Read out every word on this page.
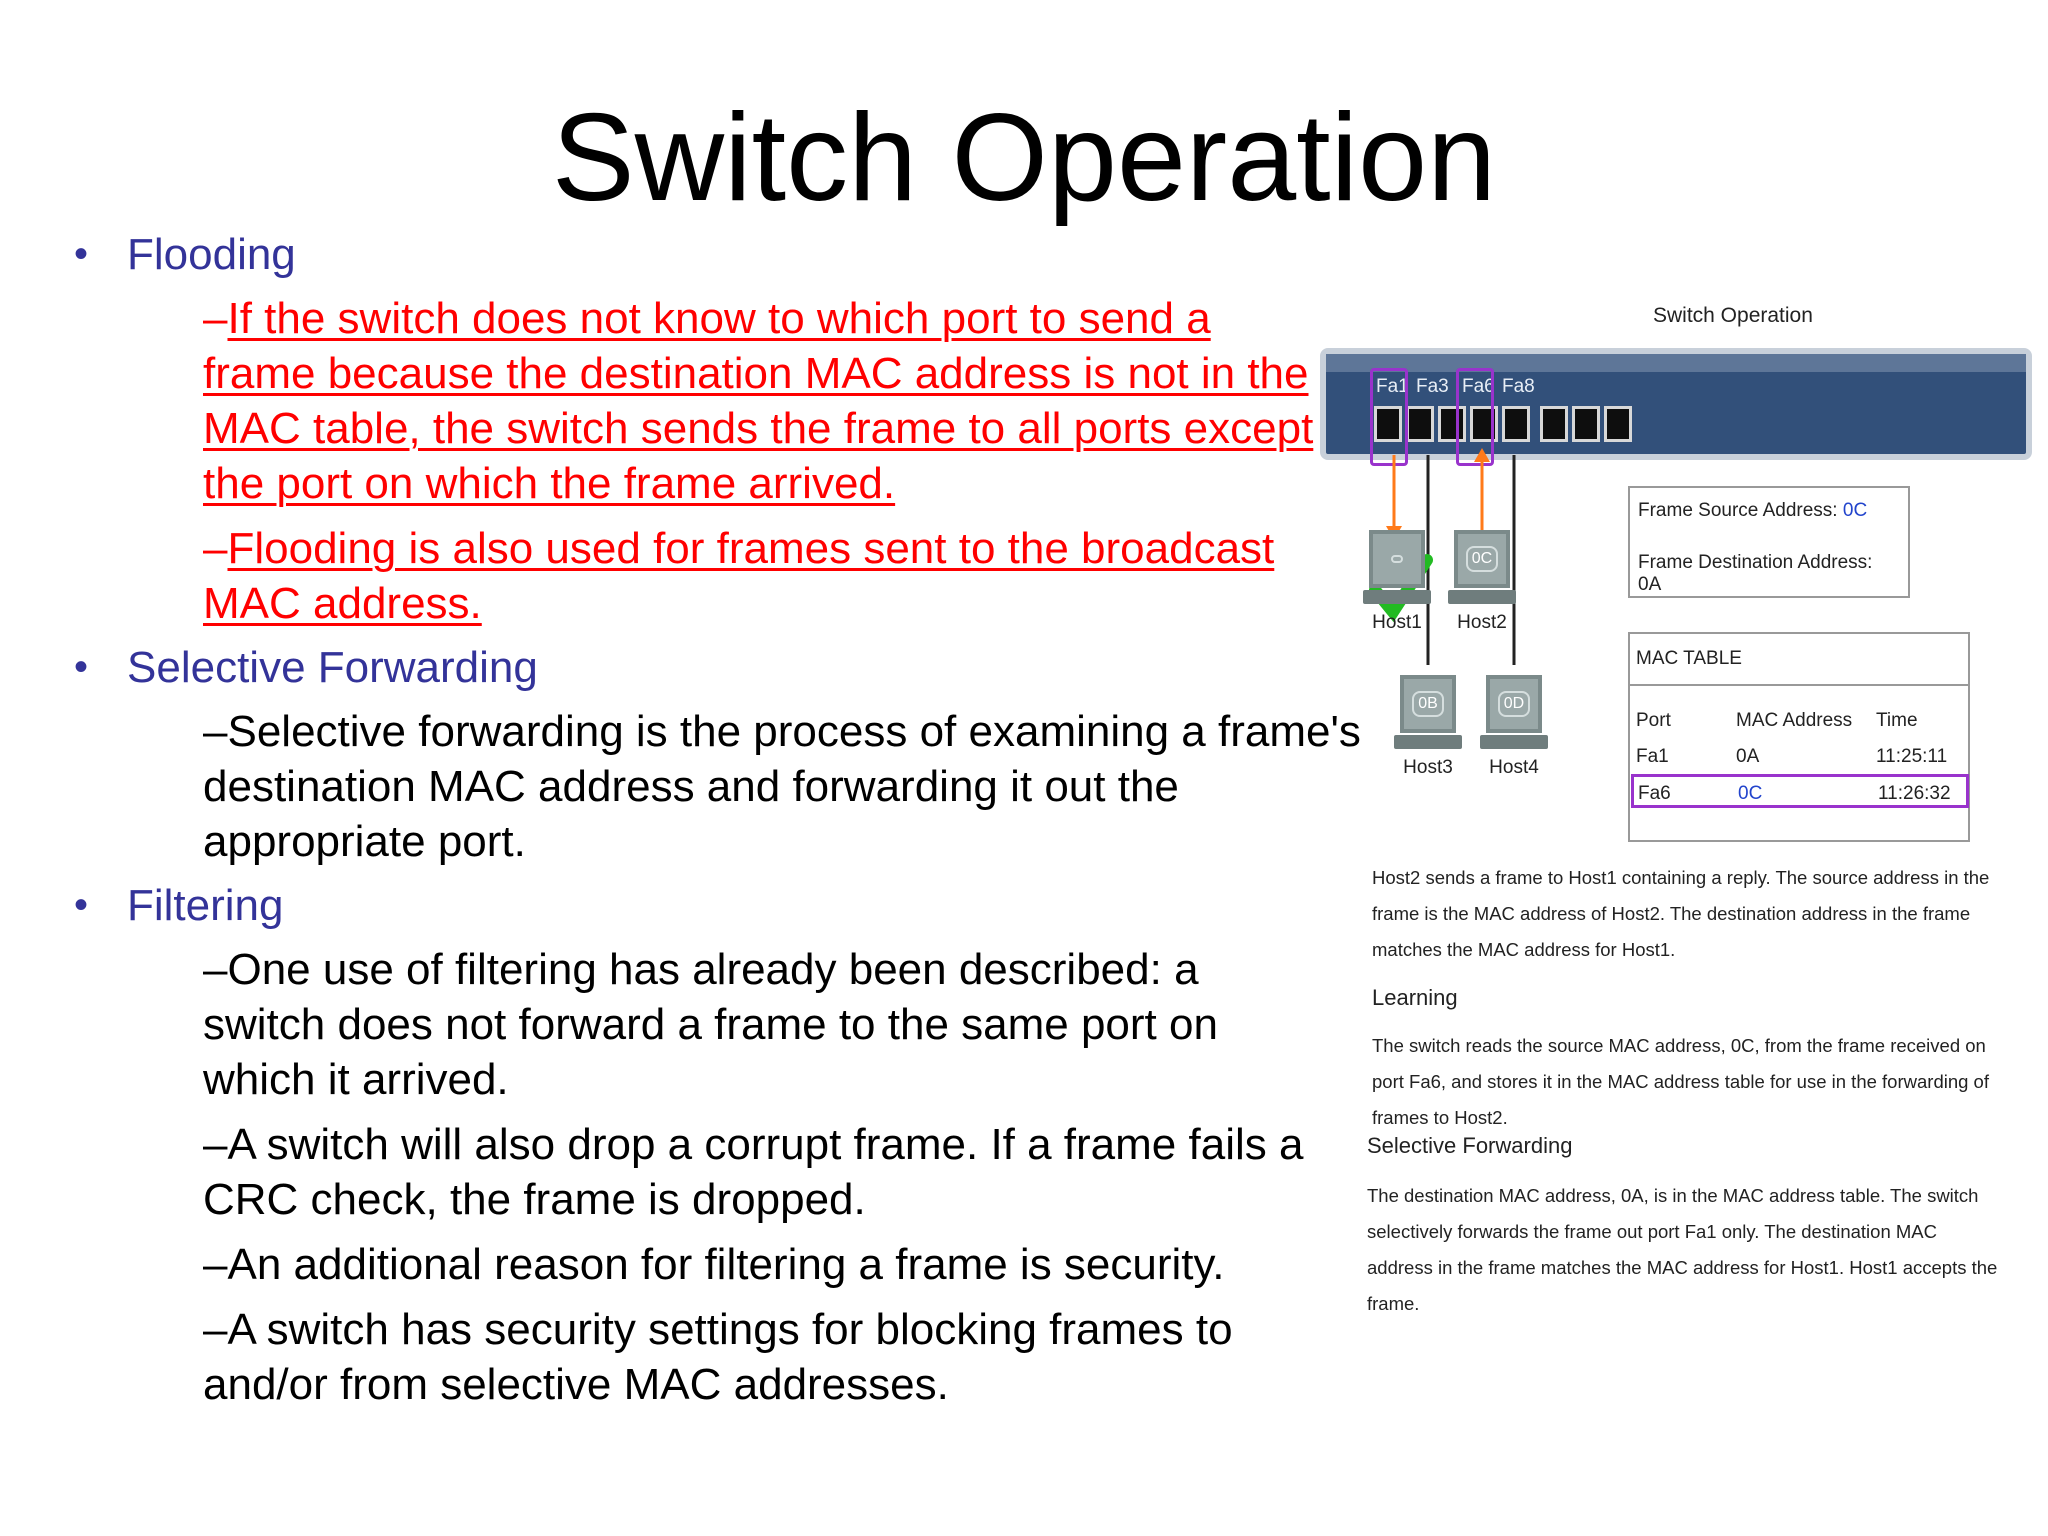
Switch Operation
• Flooding
–If the switch does not know to which port to send a frame because the destination MAC address is not in the MAC table, the switch sends the frame to all ports except the port on which the frame arrived.
–Flooding is also used for frames sent to the broadcast MAC address.
• Selective Forwarding
–Selective forwarding is the process of examining a frame's destination MAC address and forwarding it out the appropriate port.
• Filtering
–One use of filtering has already been described: a switch does not forward a frame to the same port on which it arrived.
–A switch will also drop a corrupt frame. If a frame fails a CRC check, the frame is dropped.
–An additional reason for filtering a frame is security.
–A switch has security settings for blocking frames to and/or from selective MAC addresses.
Switch Operation
Fa1 Fa3 Fa6 Fa8
Host1
0C
Host2
0B
Host3
0D
Host4
Frame Source Address: 0C
Frame Destination Address: 0A
MAC TABLE
Port	MAC Address Time
Fa1	0A	11:25:11
Fa6	0C	11:26:32
Host2 sends a frame to Host1 containing a reply. The source address in the frame is the MAC address of Host2. The destination address in the frame matches the MAC address for Host1.
Learning
The switch reads the source MAC address, 0C, from the frame received on port Fa6, and stores it in the MAC address table for use in the forwarding of frames to Host2.
Selective Forwarding
The destination MAC address, 0A, is in the MAC address table. The switch selectively forwards the frame out port Fa1 only. The destination MAC address in the frame matches the MAC address for Host1. Host1 accepts the frame.
